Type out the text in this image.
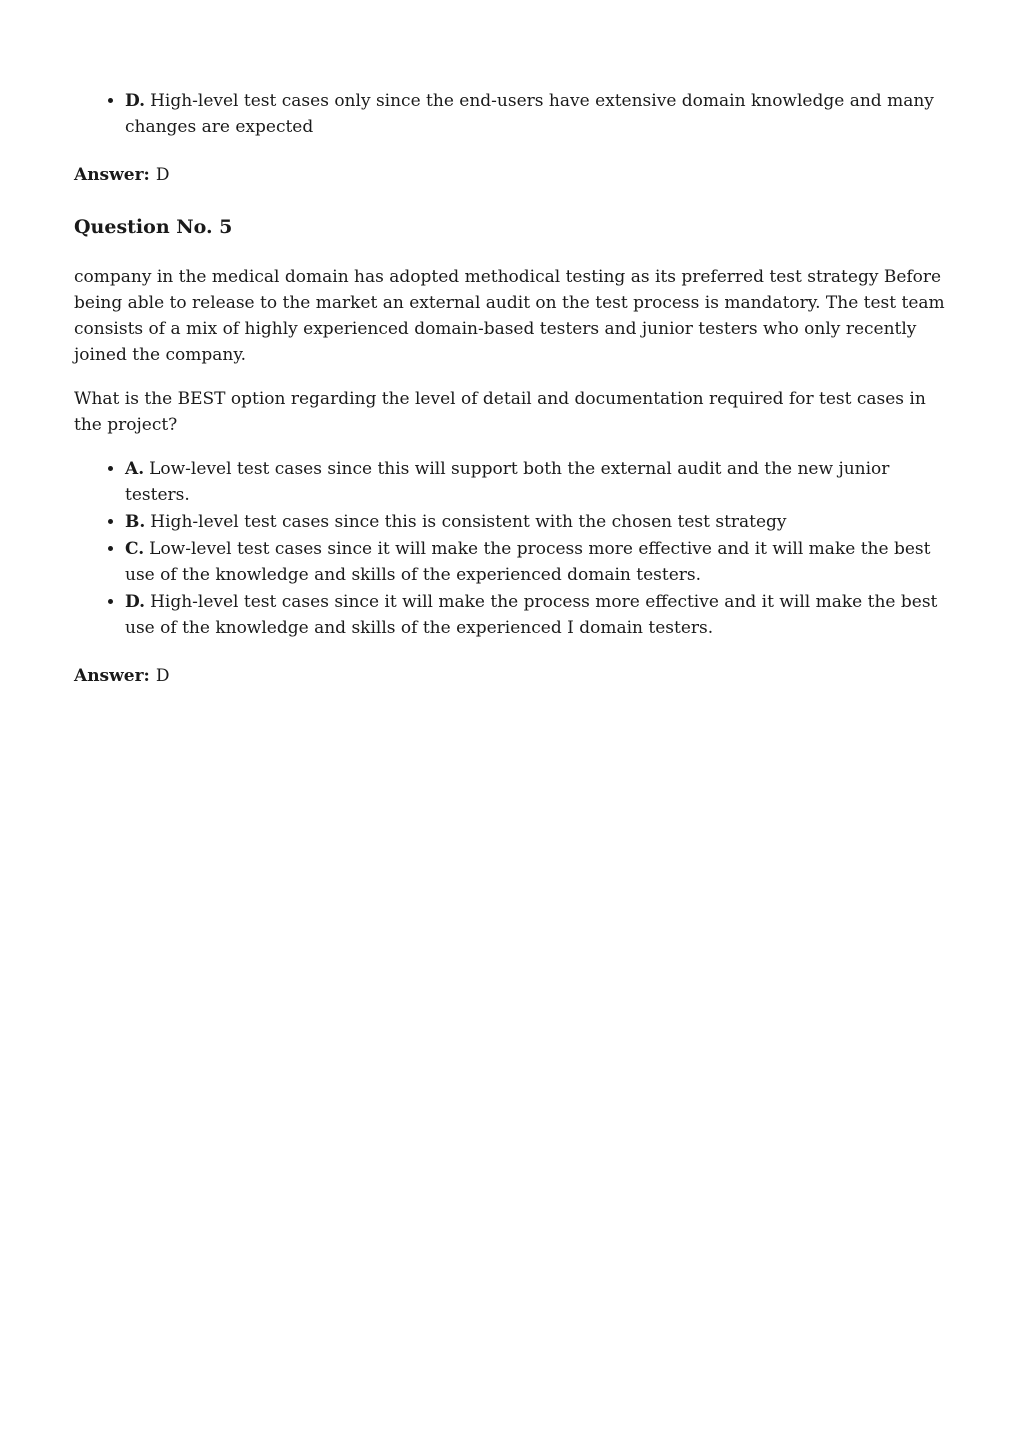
• D. High-level test cases only since the end-users have extensive domain knowledge and many changes are expected

Answer: D

Question No. 5

company in the medical domain has adopted methodical testing as its preferred test strategy Before being able to release to the market an external audit on the test process is mandatory. The test team consists of a mix of highly experienced domain-based testers and junior testers who only recently joined the company.

What is the BEST option regarding the level of detail and documentation required for test cases in the project?

• A. Low-level test cases since this will support both the external audit and the new junior testers.
• B. High-level test cases since this is consistent with the chosen test strategy
• C. Low-level test cases since it will make the process more effective and it will make the best use of the knowledge and skills of the experienced domain testers.
• D. High-level test cases since it will make the process more effective and it will make the best use of the knowledge and skills of the experienced I domain testers.

Answer: D
